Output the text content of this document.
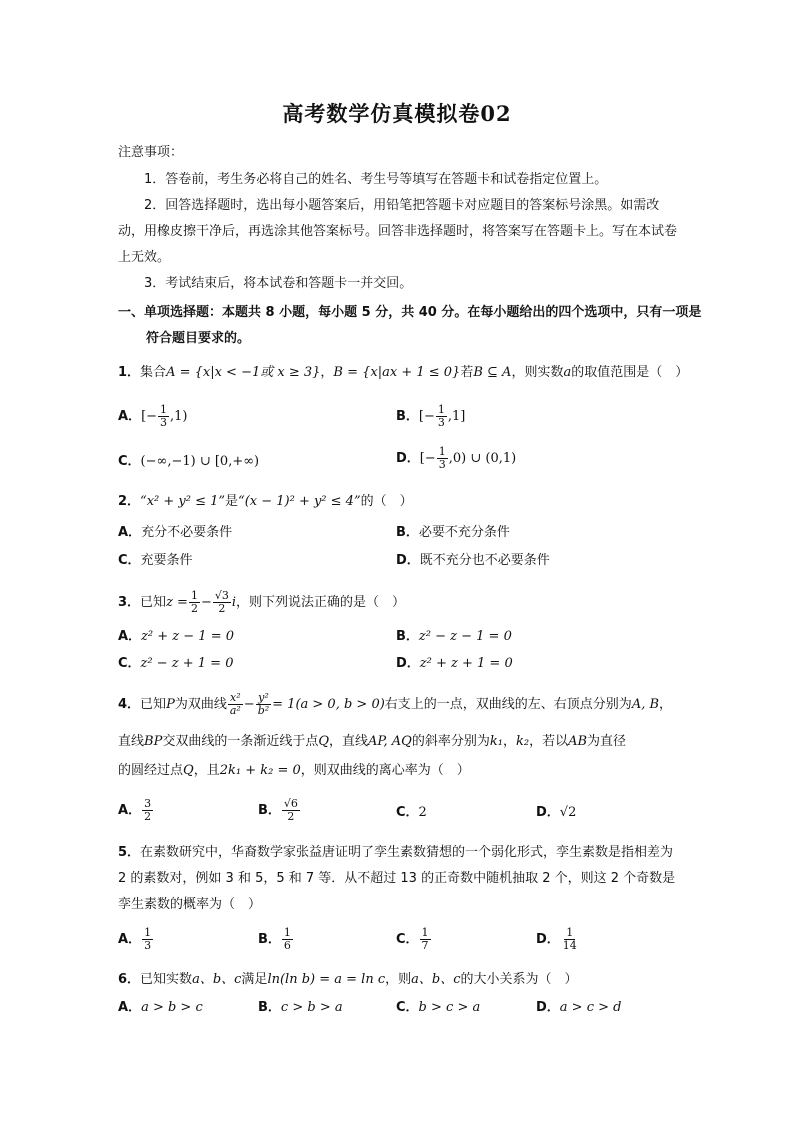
高考数学仿真模拟卷02
注意事项：
1．答卷前，考生务必将自己的姓名、考生号等填写在答题卡和试卷指定位置上。
2．回答选择题时，选出每小题答案后，用铅笔把答题卡对应题目的答案标号涂黑。如需改动，用橡皮擦干净后，再选涂其他答案标号。回答非选择题时，将答案写在答题卡上。写在本试卷上无效。
3．考试结束后，将本试卷和答题卡一并交回。
一、单项选择题：本题共 8 小题，每小题 5 分，共 40 分。在每小题给出的四个选项中，只有一项是符合题目要求的。
1．集合A = {x|x < −1或 x ≥ 3}，B = {x|ax + 1 ≤ 0}若B ⊆ A，则实数a的取值范围是（　）
A．[− $\frac{1}{3} ,1$)	B．[− $\frac{1}{3} ,1$]
C．(−∞,−1) ∪ [0,+∞)	D．[− $\frac{1}{3} ,0$) ∪ (0,1)
2．“x² + y² ≤ 1”是“(x − 1)² + y² ≤ 4”的（　）
A．充分不必要条件	B．必要不充分条件
C．充要条件	D．既不充分也不必要条件
3．已知$z = \frac{1}{2} - \frac{√3}{2}$ i，则下列说法正确的是（　）
A．z² + z − 1 = 0	B．z² − z − 1 = 0
C．z² − z + 1 = 0	D．z² + z + 1 = 0
4．已知P为双曲线 $\frac{\text{x²}}{\text{a²}} - \frac{\text{y²}}{\text{b²}} = 1(a > 0$, b > 0)右支上的一点，双曲线的左、右顶点分别为A, B，
直线BP交双曲线的一条渐近线于点Q，直线AP, AQ的斜率分别为k₁，k₂，若以AB为直径
的圆经过点Q，且2k₁ + k₂ = 0，则双曲线的离心率为（　）
A． $\frac{3}{2}$	B． $\frac{√6}{2}$	C．2	D．√2
5．在素数研究中，华裔数学家张益唐证明了孪生素数猜想的一个弱化形式，孪生素数是指相差为 2 的素数对，例如 3 和 5，5 和 7 等．从不超过 13 的正奇数中随机抽取 2 个，则这 2 个奇数是孪生素数的概率为（　）
A． $\frac{1}{3}$	B． $\frac{1}{6}$	C． $\frac{1}{7}$	D． $\frac{1}{14}$
6．已知实数a、b、c满足ln(ln b) = a = ln c，则a、b、c的大小关系为（　）
A．a > b > c	B．c > b > a	C．b > c > a	D．a > c > d
